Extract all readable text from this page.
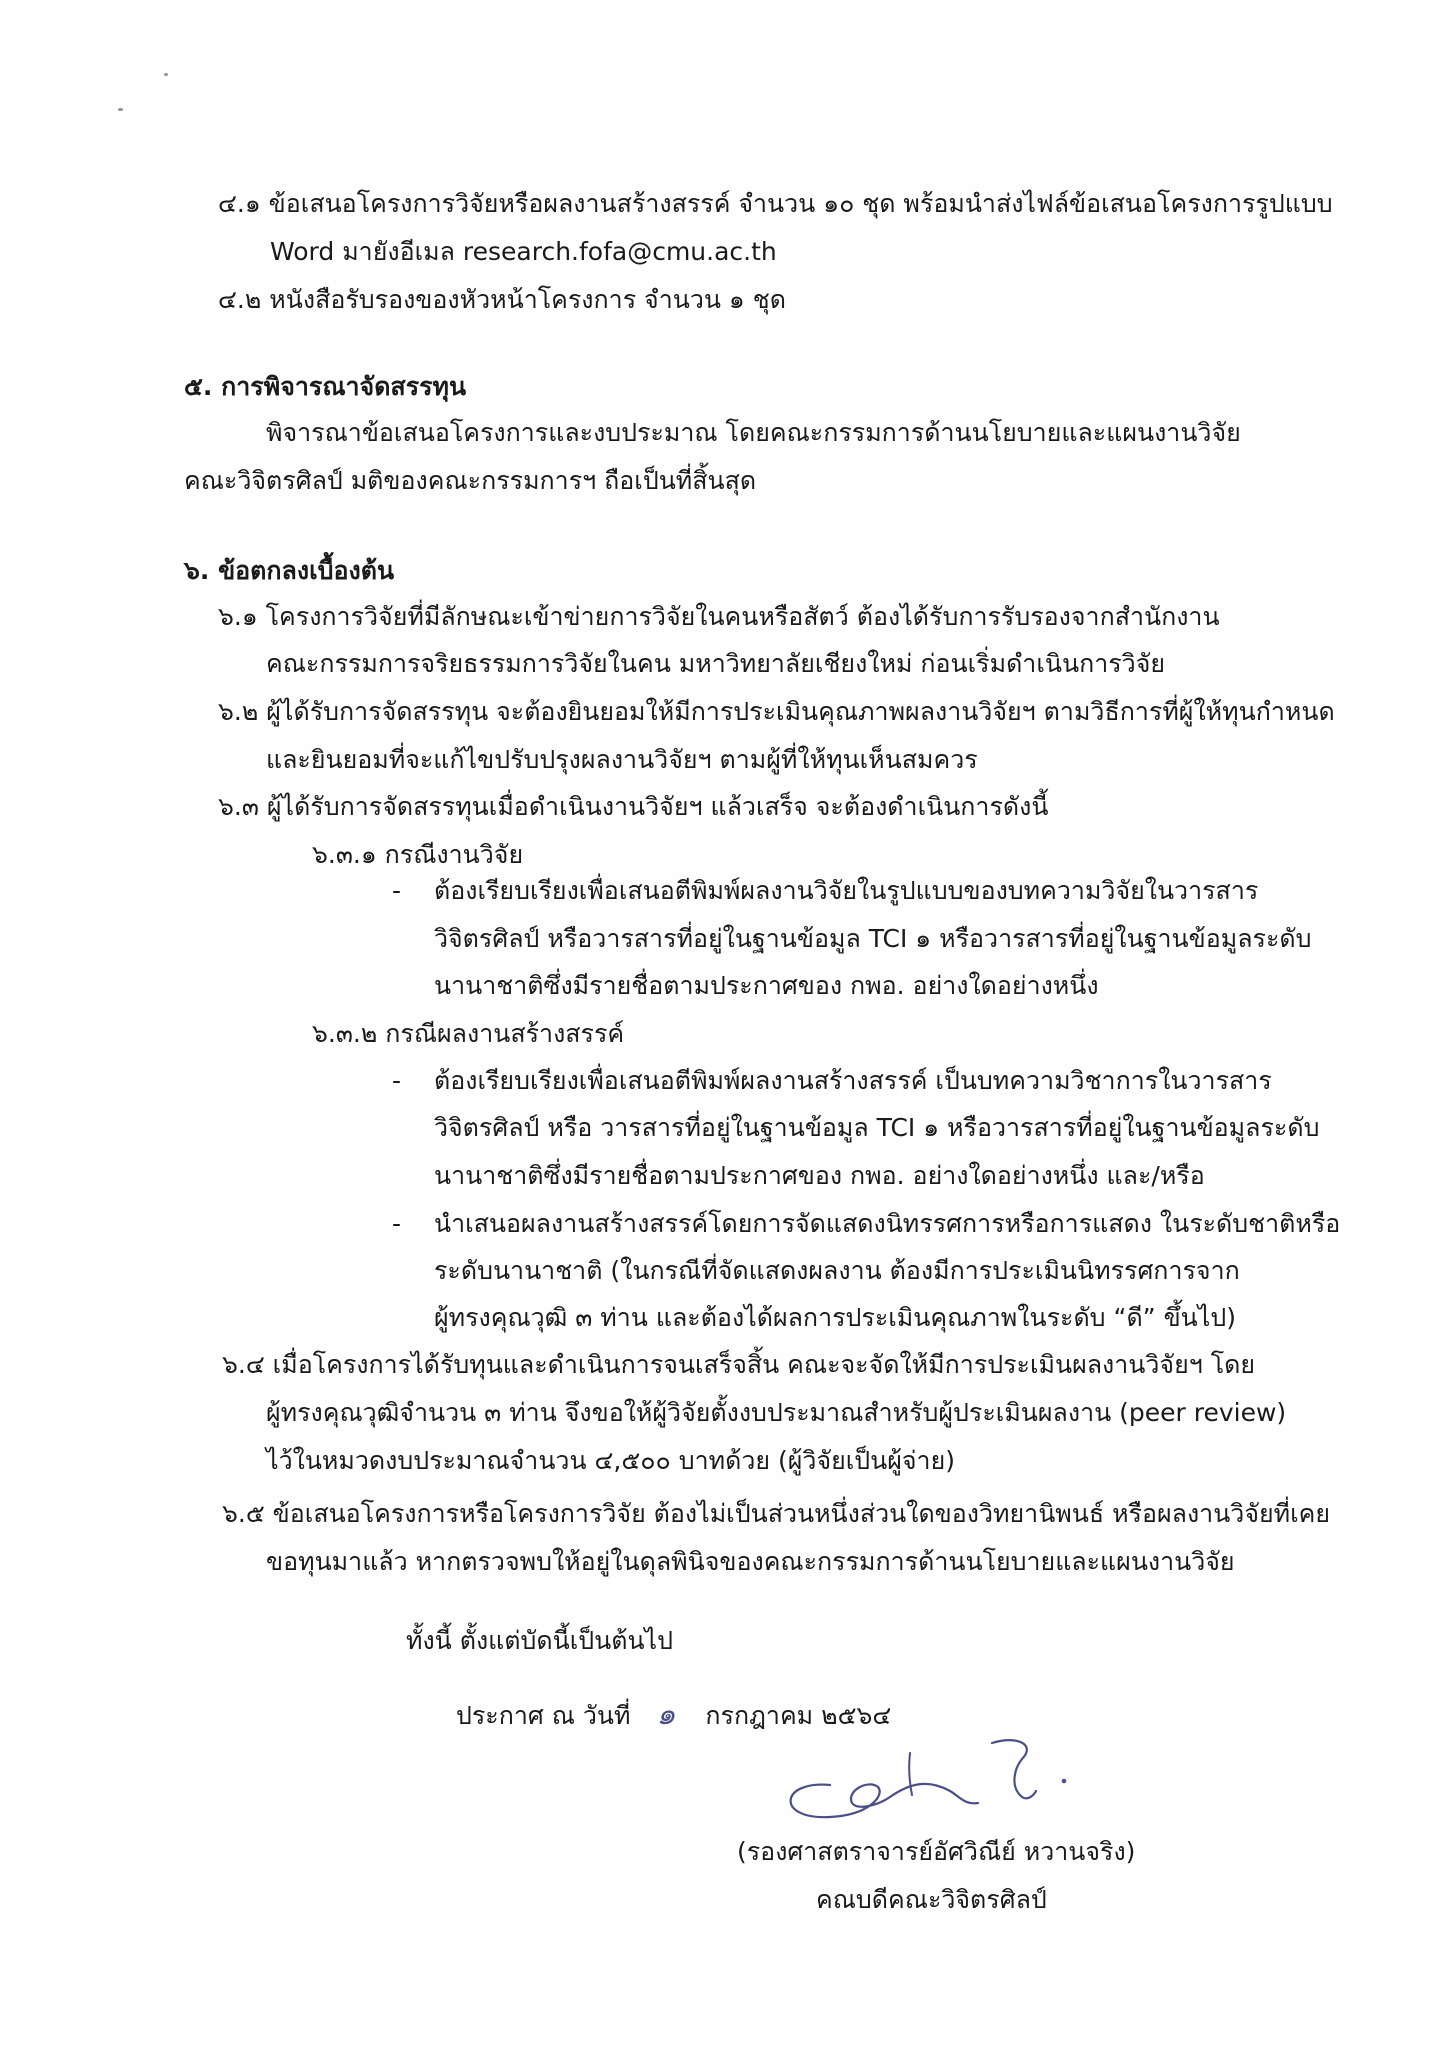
๔.๑ ข้อเสนอโครงการวิจัยหรือผลงานสร้างสรรค์ จำนวน ๑๐ ชุด พร้อมนำส่งไฟล์ข้อเสนอโครงการรูปแบบ
Word มายังอีเมล research.fofa@cmu.ac.th
๔.๒ หนังสือรับรองของหัวหน้าโครงการ จำนวน ๑ ชุด
๕. การพิจารณาจัดสรรทุน
พิจารณาข้อเสนอโครงการและงบประมาณ โดยคณะกรรมการด้านนโยบายและแผนงานวิจัย
คณะวิจิตรศิลป์ มติของคณะกรรมการฯ ถือเป็นที่สิ้นสุด
๖. ข้อตกลงเบื้องต้น
๖.๑ โครงการวิจัยที่มีลักษณะเข้าข่ายการวิจัยในคนหรือสัตว์ ต้องได้รับการรับรองจากสำนักงาน
คณะกรรมการจริยธรรมการวิจัยในคน มหาวิทยาลัยเชียงใหม่ ก่อนเริ่มดำเนินการวิจัย
๖.๒ ผู้ได้รับการจัดสรรทุน จะต้องยินยอมให้มีการประเมินคุณภาพผลงานวิจัยฯ ตามวิธีการที่ผู้ให้ทุนกำหนด
และยินยอมที่จะแก้ไขปรับปรุงผลงานวิจัยฯ ตามผู้ที่ให้ทุนเห็นสมควร
๖.๓ ผู้ได้รับการจัดสรรทุนเมื่อดำเนินงานวิจัยฯ แล้วเสร็จ จะต้องดำเนินการดังนี้
๖.๓.๑ กรณีงานวิจัย
- ต้องเรียบเรียงเพื่อเสนอตีพิมพ์ผลงานวิจัยในรูปแบบของบทความวิจัยในวารสาร
วิจิตรศิลป์ หรือวารสารที่อยู่ในฐานข้อมูล TCI ๑ หรือวารสารที่อยู่ในฐานข้อมูลระดับ
นานาชาติซึ่งมีรายชื่อตามประกาศของ กพอ. อย่างใดอย่างหนึ่ง
๖.๓.๒ กรณีผลงานสร้างสรรค์
- ต้องเรียบเรียงเพื่อเสนอตีพิมพ์ผลงานสร้างสรรค์ เป็นบทความวิชาการในวารสาร
วิจิตรศิลป์ หรือ วารสารที่อยู่ในฐานข้อมูล TCI ๑ หรือวารสารที่อยู่ในฐานข้อมูลระดับ
นานาชาติซึ่งมีรายชื่อตามประกาศของ กพอ. อย่างใดอย่างหนึ่ง และ/หรือ
- นำเสนอผลงานสร้างสรรค์โดยการจัดแสดงนิทรรศการหรือการแสดง ในระดับชาติหรือ
ระดับนานาชาติ (ในกรณีที่จัดแสดงผลงาน ต้องมีการประเมินนิทรรศการจาก
ผู้ทรงคุณวุฒิ ๓ ท่าน และต้องได้ผลการประเมินคุณภาพในระดับ “ดี” ขึ้นไป)
๖.๔ เมื่อโครงการได้รับทุนและดำเนินการจนเสร็จสิ้น คณะจะจัดให้มีการประเมินผลงานวิจัยฯ โดย
ผู้ทรงคุณวุฒิจำนวน ๓ ท่าน จึงขอให้ผู้วิจัยตั้งงบประมาณสำหรับผู้ประเมินผลงาน (peer review)
ไว้ในหมวดงบประมาณจำนวน ๔,๕๐๐ บาทด้วย (ผู้วิจัยเป็นผู้จ่าย)
๖.๕ ข้อเสนอโครงการหรือโครงการวิจัย ต้องไม่เป็นส่วนหนึ่งส่วนใดของวิทยานิพนธ์ หรือผลงานวิจัยที่เคย
ขอทุนมาแล้ว หากตรวจพบให้อยู่ในดุลพินิจของคณะกรรมการด้านนโยบายและแผนงานวิจัย
ทั้งนี้ ตั้งแต่บัดนี้เป็นต้นไป
ประกาศ ณ วันที่ ๑ กรกฎาคม ๒๕๖๔
(รองศาสตราจารย์อัศวิณีย์ หวานจริง)
คณบดีคณะวิจิตรศิลป์
